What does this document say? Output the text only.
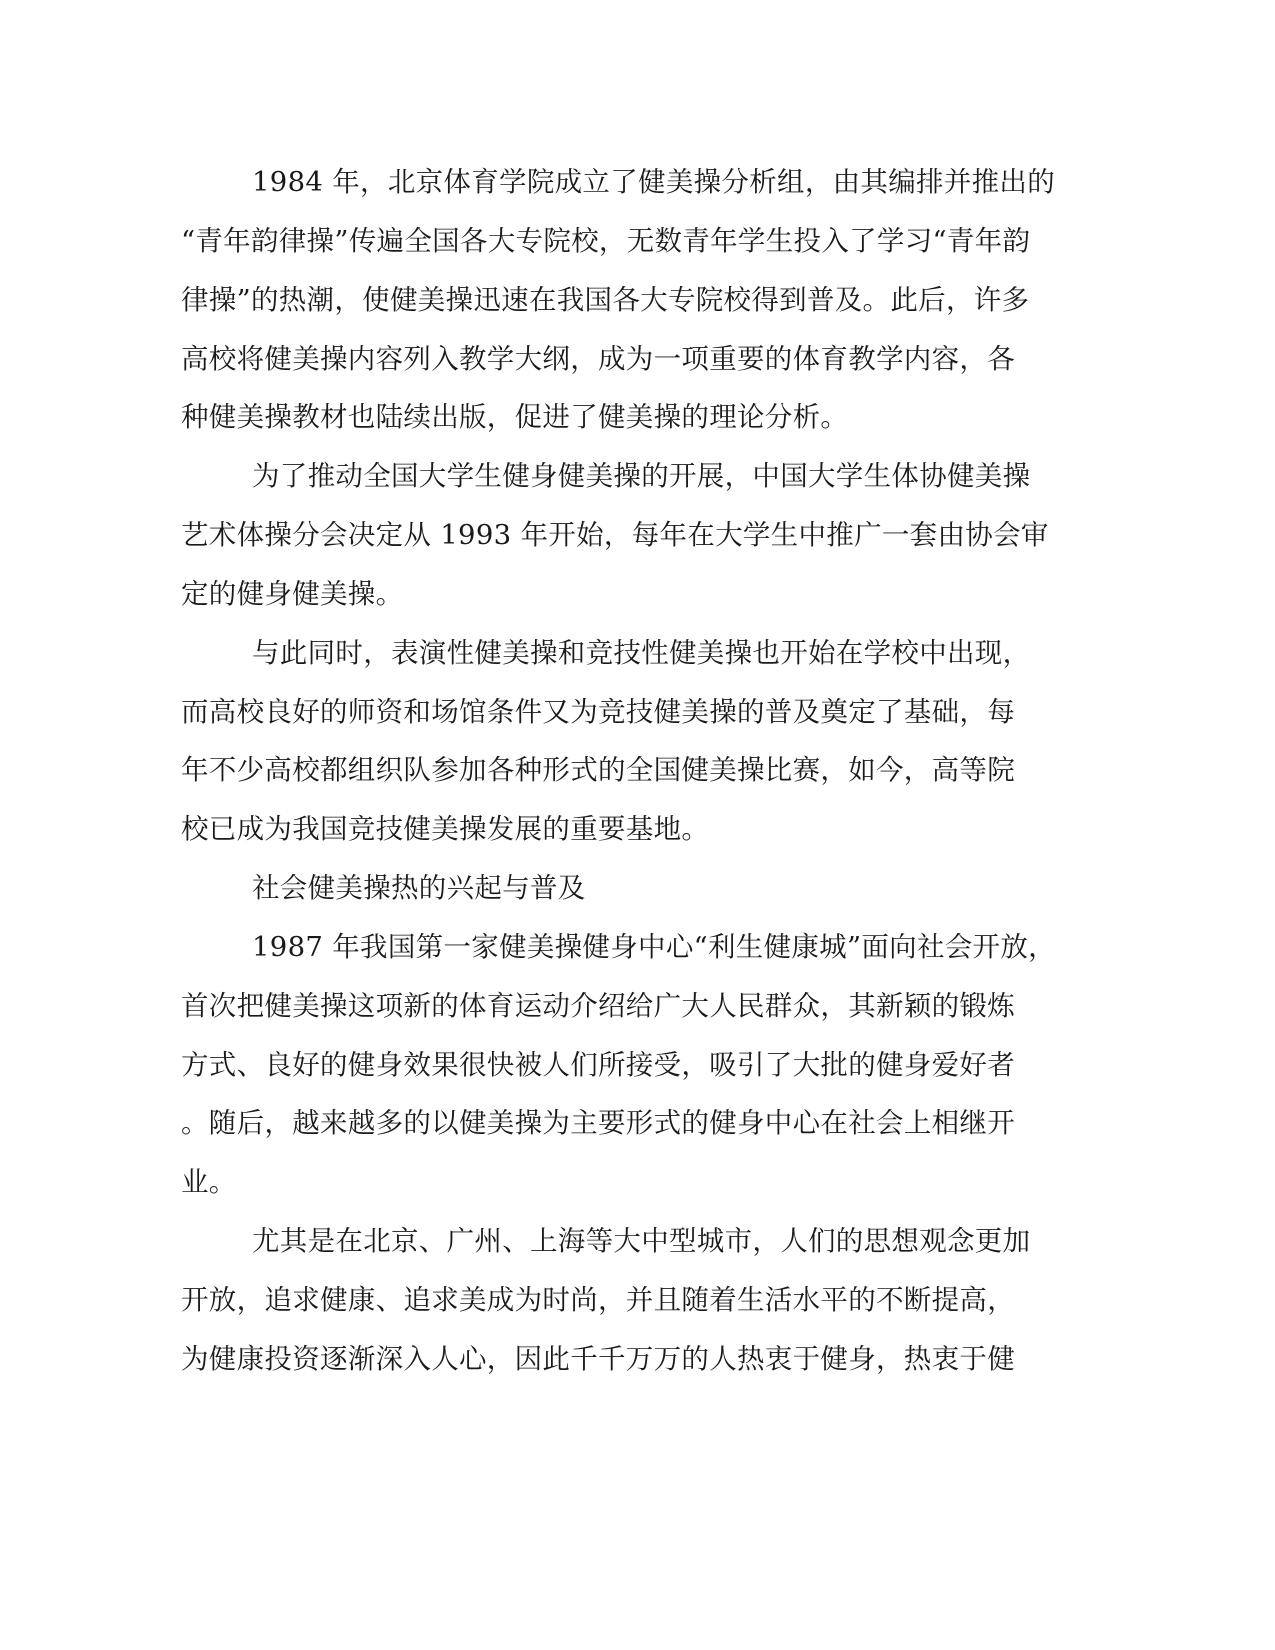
1984 年，北京体育学院成立了健美操分析组，由其编排并推出的
“青年韵律操”传遍全国各大专院校，无数青年学生投入了学习“青年韵
律操”的热潮，使健美操迅速在我国各大专院校得到普及。此后，许多
高校将健美操内容列入教学大纲，成为一项重要的体育教学内容，各
种健美操教材也陆续出版，促进了健美操的理论分析。
为了推动全国大学生健身健美操的开展，中国大学生体协健美操
艺术体操分会决定从 1993 年开始，每年在大学生中推广一套由协会审
定的健身健美操。
与此同时，表演性健美操和竞技性健美操也开始在学校中出现，
而高校良好的师资和场馆条件又为竞技健美操的普及奠定了基础，每
年不少高校都组织队参加各种形式的全国健美操比赛，如今，高等院
校已成为我国竞技健美操发展的重要基地。
社会健美操热的兴起与普及
1987 年我国第一家健美操健身中心“利生健康城”面向社会开放，
首次把健美操这项新的体育运动介绍给广大人民群众，其新颖的锻炼
方式、良好的健身效果很快被人们所接受，吸引了大批的健身爱好者
。随后，越来越多的以健美操为主要形式的健身中心在社会上相继开
业。
尤其是在北京、广州、上海等大中型城市，人们的思想观念更加
开放，追求健康、追求美成为时尚，并且随着生活水平的不断提高，
为健康投资逐渐深入人心，因此千千万万的人热衷于健身，热衷于健
